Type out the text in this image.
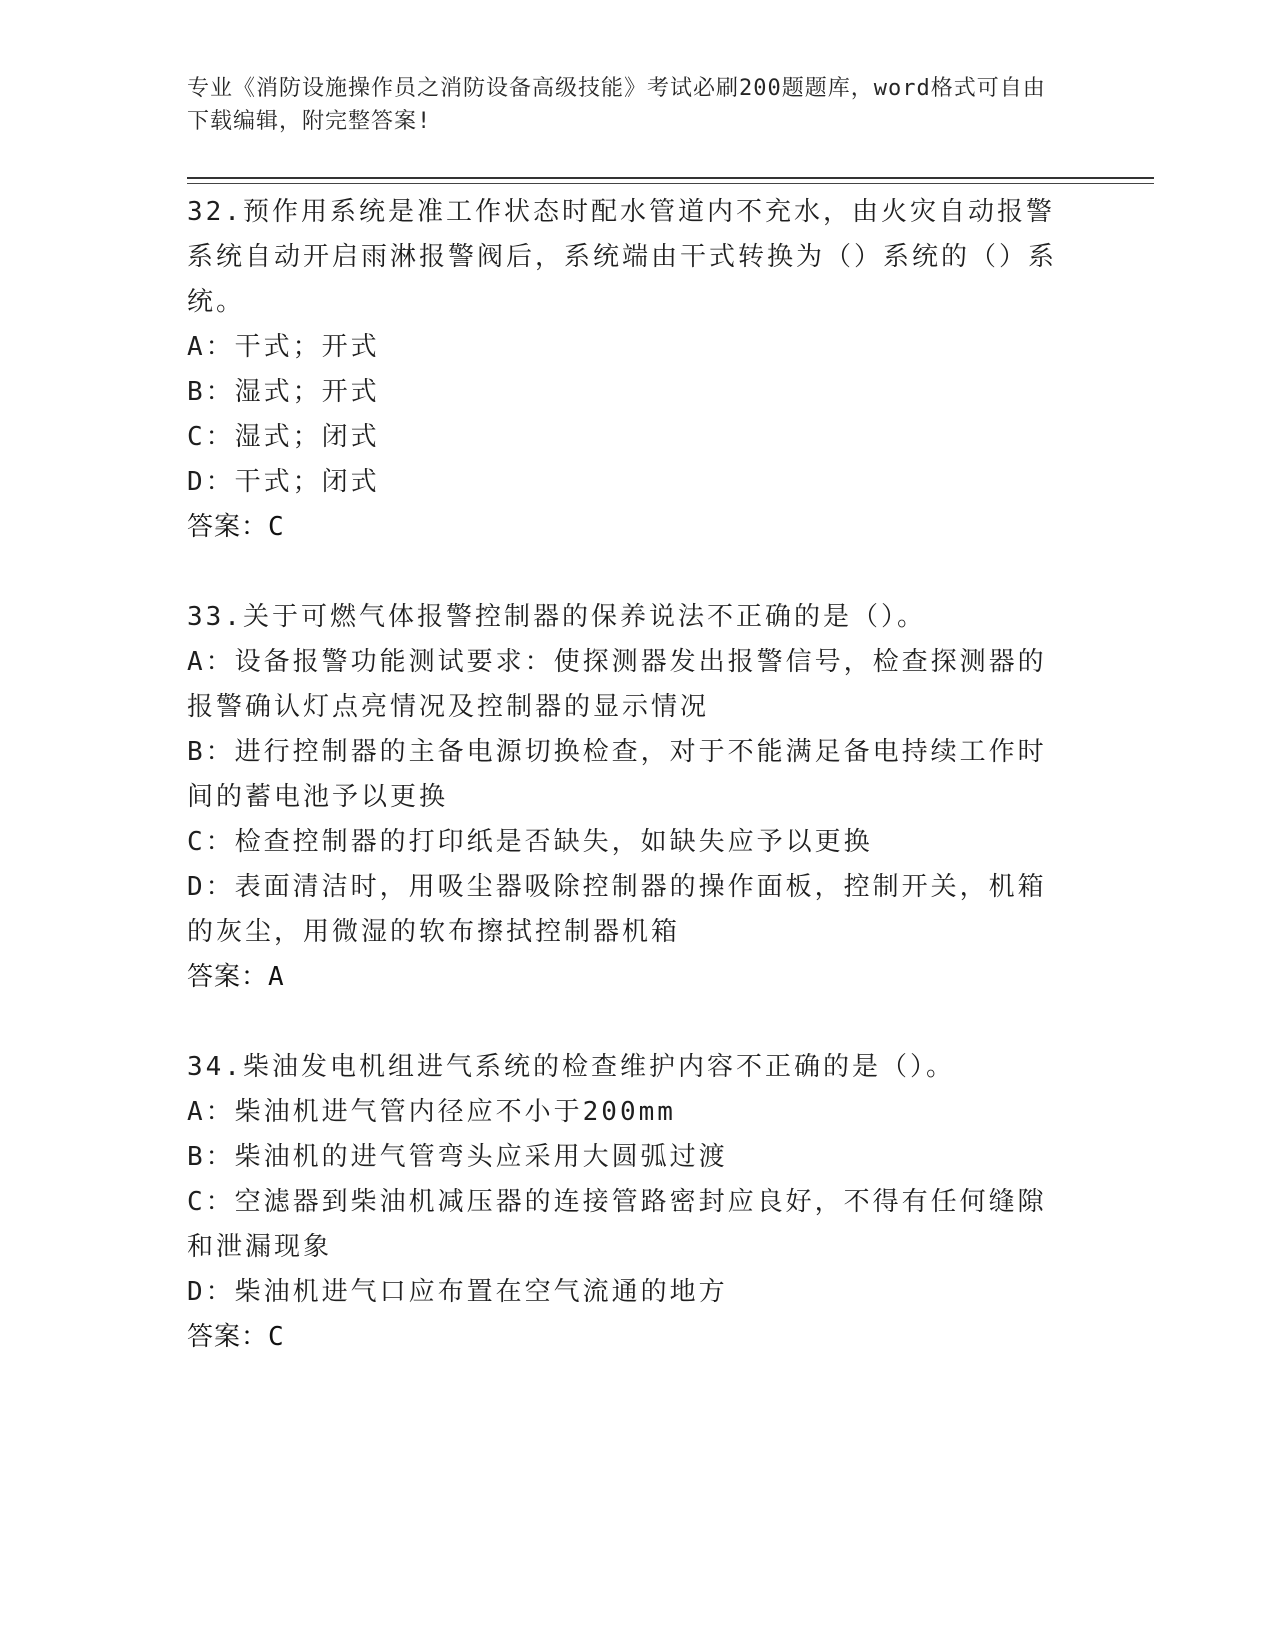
专业《消防设施操作员之消防设备高级技能》考试必刷200题题库，word格式可自由下载编辑，附完整答案!

32.预作用系统是准工作状态时配水管道内不充水，由火灾自动报警系统自动开启雨淋报警阀后，系统端由干式转换为（）系统的（）系统。

A：干式；开式

B：湿式；开式

C：湿式；闭式

D：干式；闭式

答案：C

33.关于可燃气体报警控制器的保养说法不正确的是（）。

A：设备报警功能测试要求：使探测器发出报警信号，检查探测器的报警确认灯点亮情况及控制器的显示情况

B：进行控制器的主备电源切换检查，对于不能满足备电持续工作时间的蓄电池予以更换

C：检查控制器的打印纸是否缺失，如缺失应予以更换

D：表面清洁时，用吸尘器吸除控制器的操作面板，控制开关，机箱的灰尘，用微湿的软布擦拭控制器机箱

答案：A

34.柴油发电机组进气系统的检查维护内容不正确的是（）。

A：柴油机进气管内径应不小于200mm

B：柴油机的进气管弯头应采用大圆弧过渡

C：空滤器到柴油机减压器的连接管路密封应良好，不得有任何缝隙和泄漏现象

D：柴油机进气口应布置在空气流通的地方

答案：C
